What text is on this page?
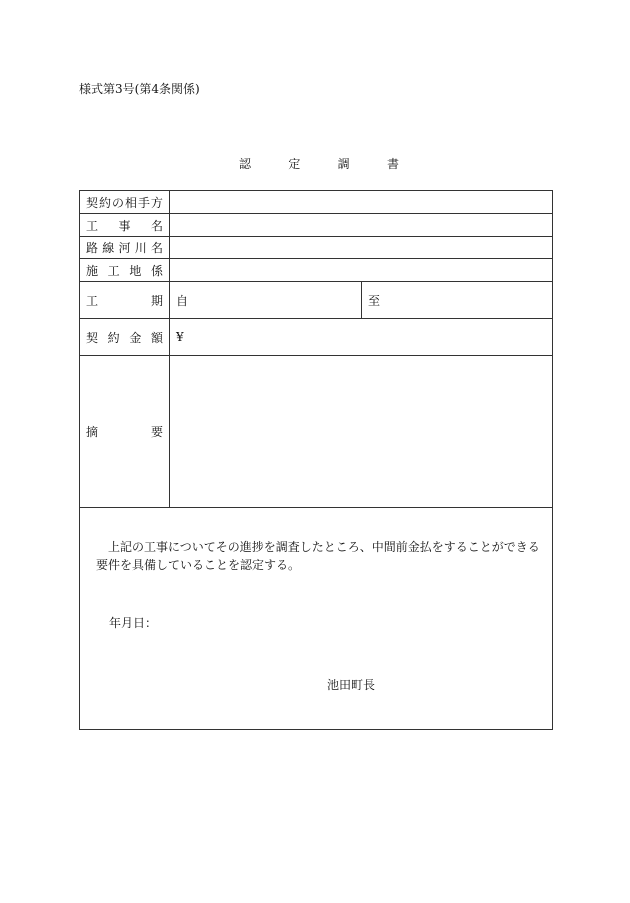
様式第3号(第4条関係)
認	定	調	書
契 約 の 相 手 方
工 事 名
路 線 河 川 名
施 工 地 係
工	期	自	至
契 約 金 額	¥
摘	要
上記の工事についてその進捗を調査したところ、中間前金払をすることができる要件を具備していることを認定する。
年月日：
池田町長
